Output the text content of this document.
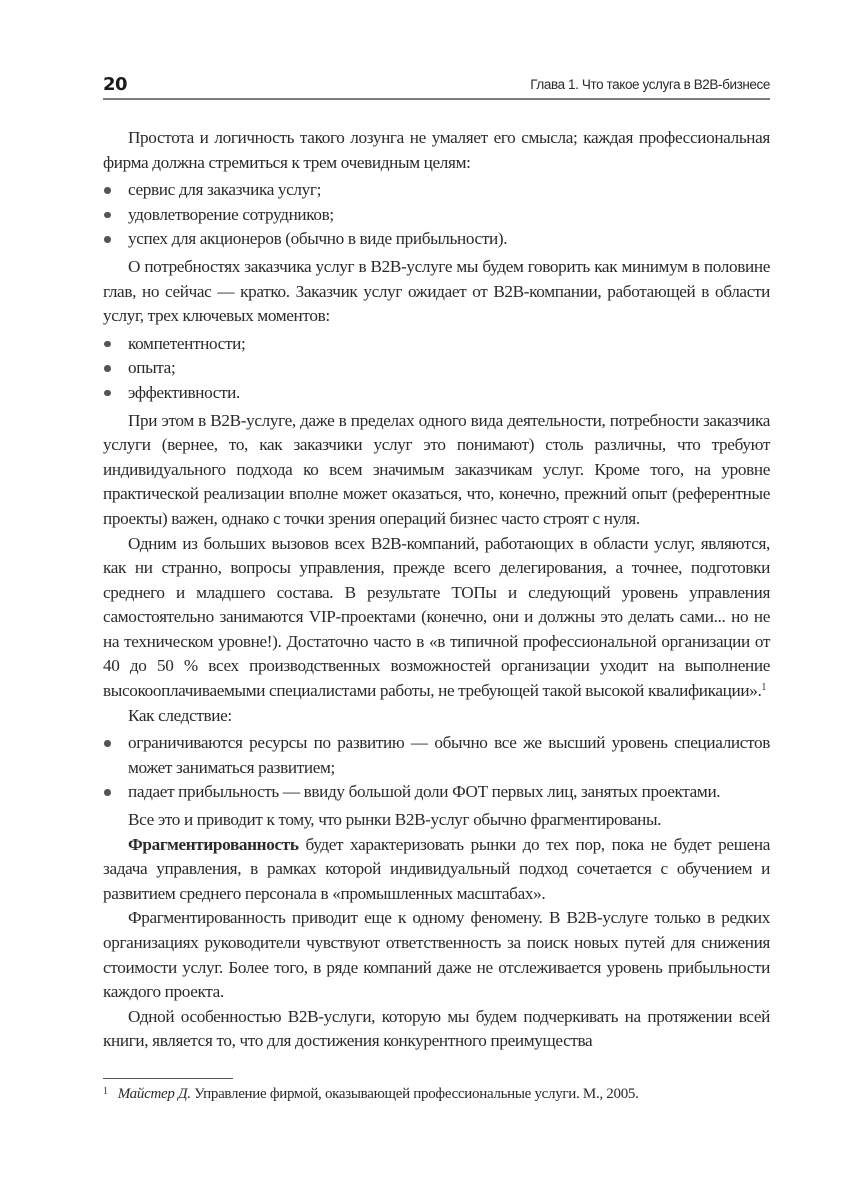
20	Глава 1. Что такое услуга в B2B-бизнесе

Простота и логичность такого лозунга не умаляет его смысла; каждая профессиональная фирма должна стремиться к трем очевидным целям:

сервис для заказчика услуг;
удовлетворение сотрудников;
успех для акционеров (обычно в виде прибыльности).

О потребностях заказчика услуг в B2B-услуге мы будем говорить как минимум в половине глав, но сейчас — кратко. Заказчик услуг ожидает от B2B-компании, работающей в области услуг, трех ключевых моментов:

компетентности;
опыта;
эффективности.

При этом в B2B-услуге, даже в пределах одного вида деятельности, потребности заказчика услуги (вернее, то, как заказчики услуг это понимают) столь различны, что требуют индивидуального подхода ко всем значимым заказчикам услуг. Кроме того, на уровне практической реализации вполне может оказаться, что, конечно, прежний опыт (референтные проекты) важен, однако с точки зрения операций бизнес часто строят с нуля.

Одним из больших вызовов всех B2B-компаний, работающих в области услуг, являются, как ни странно, вопросы управления, прежде всего делегирования, а точнее, подготовки среднего и младшего состава. В результате ТОПы и следующий уровень управления самостоятельно занимаются VIP-проектами (конечно, они и должны это делать сами... но не на техническом уровне!). Достаточно часто в «в типичной профессиональной организации от 40 до 50 % всех производственных возможностей организации уходит на выполнение высокооплачиваемыми специалистами работы, не требующей такой высокой квалификации».$^1$

Как следствие:

ограничиваются ресурсы по развитию — обычно все же высший уровень специалистов может заниматься развитием;
падает прибыльность — ввиду большой доли ФОТ первых лиц, занятых проектами.

Все это и приводит к тому, что рынки B2B-услуг обычно фрагментированы.

Фрагментированность будет характеризовать рынки до тех пор, пока не будет решена задача управления, в рамках которой индивидуальный подход сочетается с обучением и развитием среднего персонала в «промышленных масштабах».

Фрагментированность приводит еще к одному феномену. В B2B-услуге только в редких организациях руководители чувствуют ответственность за поиск новых путей для снижения стоимости услуг. Более того, в ряде компаний даже не отслеживается уровень прибыльности каждого проекта.

Одной особенностью B2B-услуги, которую мы будем подчеркивать на протяжении всей книги, является то, что для достижения конкурентного преимущества

$^1$ Майстер Д. Управление фирмой, оказывающей профессиональные услуги. М., 2005.
